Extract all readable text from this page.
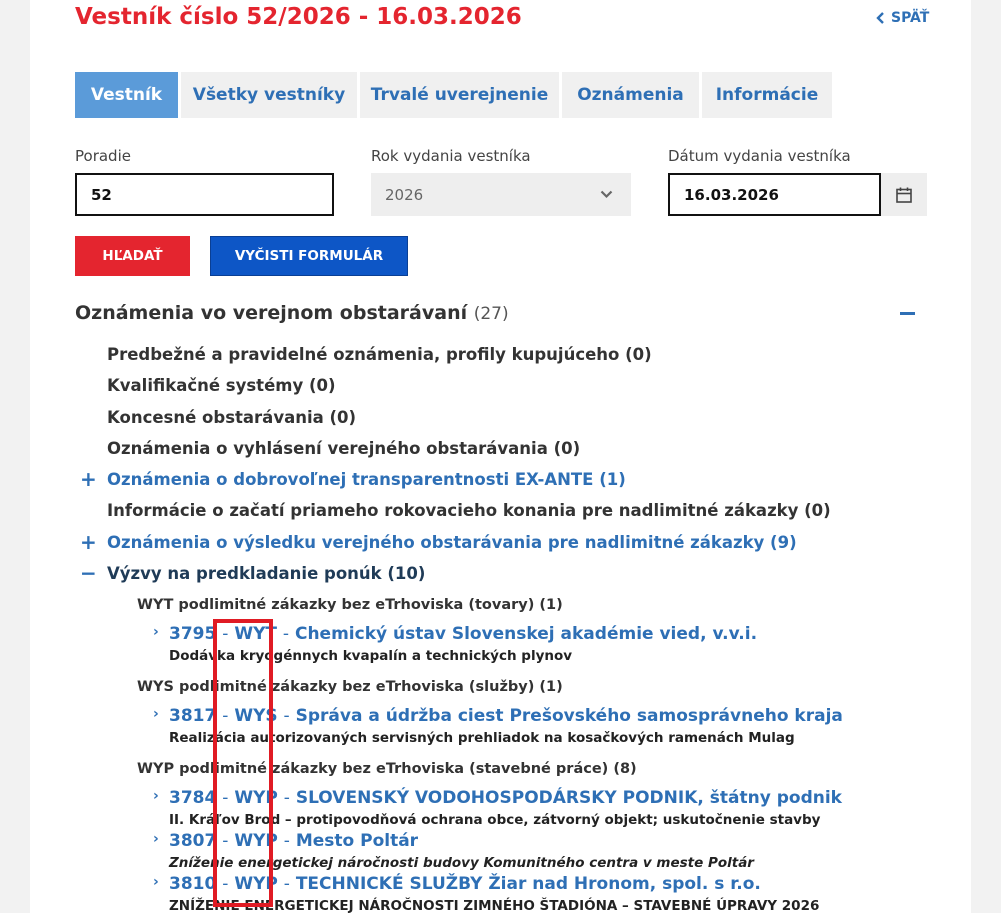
Vestník číslo 52/2026 - 16.03.2026	SPÄŤ
Vestník	Všetky vestníky	Trvalé uverejnenie	Oznámenia	Informácie
Poradie
52
Rok vydania vestníka
2026
Dátum vydania vestníka
16.03.2026
HĽADAŤ	VYČISTI FORMULÁR
Oznámenia vo verejnom obstarávaní (27)
Predbežné a pravidelné oznámenia, profily kupujúceho (0)
Kvalifikačné systémy (0)
Koncesné obstarávania (0)
Oznámenia o vyhlásení verejného obstarávania (0)
+ Oznámenia o dobrovoľnej transparentnosti EX-ANTE (1)
Informácie o začatí priameho rokovacieho konania pre nadlimitné zákazky (0)
+ Oznámenia o výsledku verejného obstarávania pre nadlimitné zákazky (9)
− Výzvy na predkladanie ponúk (10)
WYT podlimitné zákazky bez eTrhoviska (tovary) (1)
› 3795 - WYT - Chemický ústav Slovenskej akadémie vied, v.v.i.
Dodávka kryogénnych kvapalín a technických plynov
WYS podlimitné zákazky bez eTrhoviska (služby) (1)
› 3817 - WYS - Správa a údržba ciest Prešovského samosprávneho kraja
Realizácia autorizovaných servisných prehliadok na kosačkových ramenách Mulag
WYP podlimitné zákazky bez eTrhoviska (stavebné práce) (8)
› 3784 - WYP - SLOVENSKÝ VODOHOSPODÁRSKY PODNIK, štátny podnik
II. Kráľov Brod – protipovodňová ochrana obce, zátvorný objekt; uskutočnenie stavby
› 3807 - WYP - Mesto Poltár
Zníženie energetickej náročnosti budovy Komunitného centra v meste Poltár
› 3810 - WYP - TECHNICKÉ SLUŽBY Žiar nad Hronom, spol. s r.o.
ZNÍŽENIE ENERGETICKEJ NÁROČNOSTI ZIMNÉHO ŠTADIÓNA – STAVEBNÉ ÚPRAVY 2026
